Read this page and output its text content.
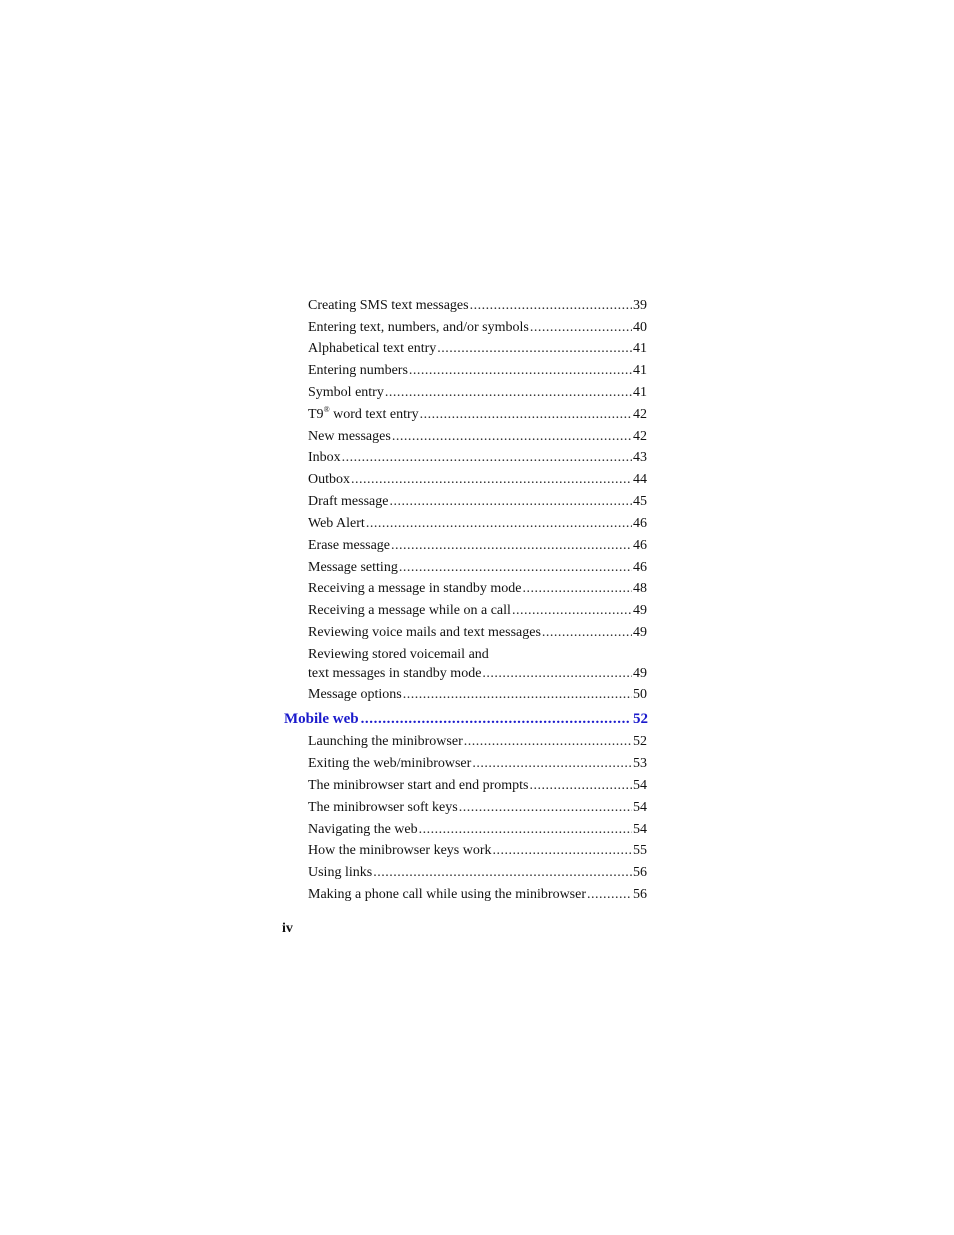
Creating SMS text messages .....	39
Entering text, numbers, and/or symbols .....	40
Alphabetical text entry .....	41
Entering numbers .....	41
Symbol entry .....	41
T9® word text entry .....	42
New messages .....	42
Inbox .....	43
Outbox .....	44
Draft message .....	45
Web Alert .....	46
Erase message .....	46
Message setting .....	46
Receiving a message in standby mode .....	48
Receiving a message while on a call .....	49
Reviewing voice mails and text messages .....	49
Reviewing stored voicemail and
text messages in standby mode .....	49
Message options .....	50
Mobile web .....	52
Launching the minibrowser .....	52
Exiting the web/minibrowser .....	53
The minibrowser start and end prompts .....	54
The minibrowser soft keys .....	54
Navigating the web .....	54
How the minibrowser keys work .....	55
Using links .....	56
Making a phone call while using the minibrowser .....	56
iv
